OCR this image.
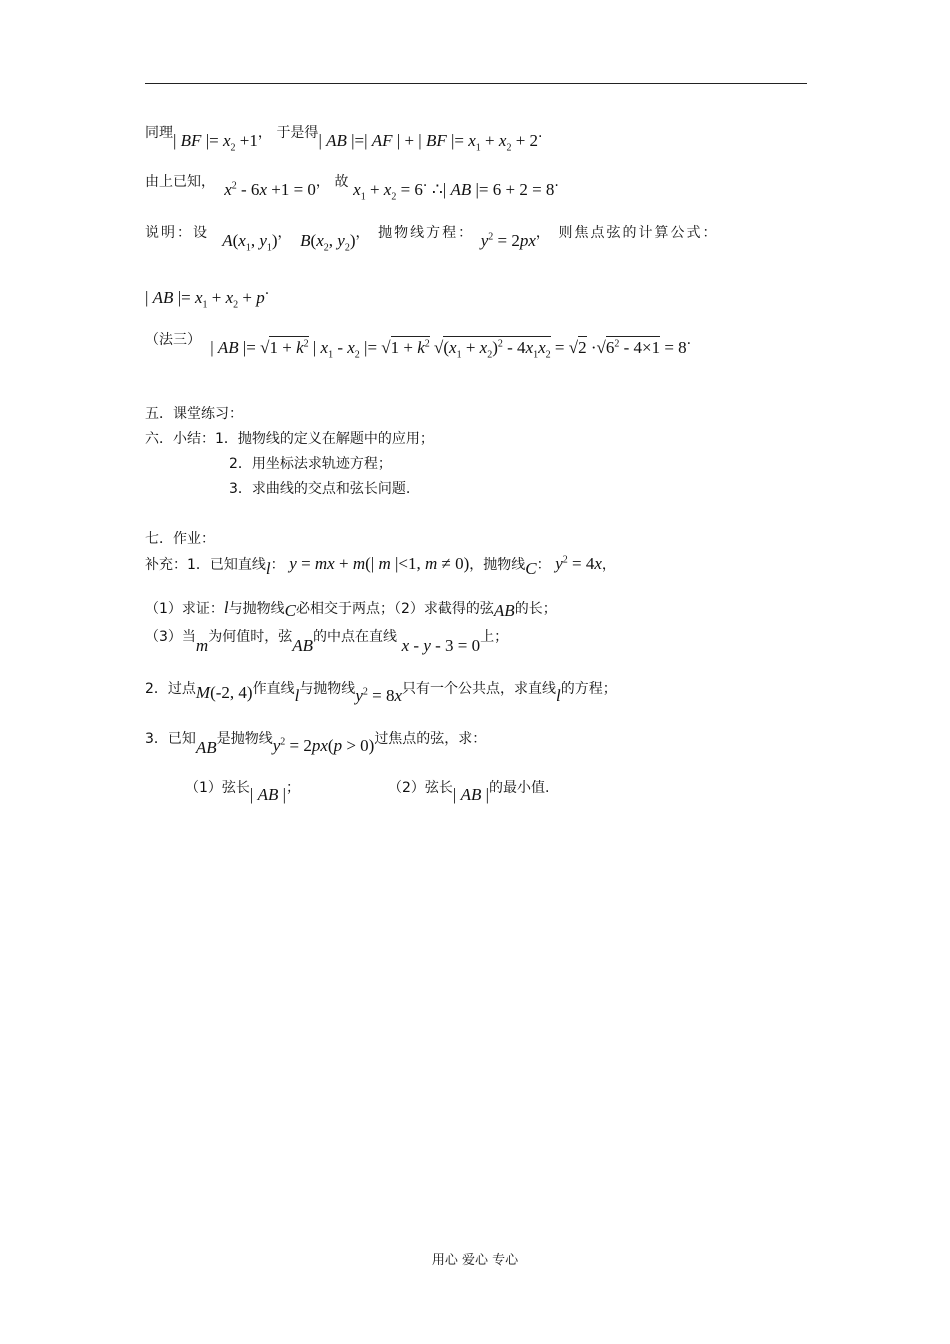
同理| BF |= $x_2 +1$， 于是得| AB |=| AF | + | BF |= $x_1 + x_2 + 2$.
由上已知， $x^2 - 6x +1 = 0$， 故 $x_1 + x_2 = 6$. ∴| AB |= 6 + 2 = 8.
说明：设 $A(x_1$, $y_1$)， $B(x_2$, $y_2$)， 抛物线方程： $y^2 = 2px$， 则焦点弦的计算公式：
| AB |= $x_1 + x_2 + p$.
（法三） | AB |= $√1 + k^2$ | $x_1 - x_2$ |= $√1 + k^2$ $√(x_1 + x_2)^2 - 4x_1x_2 = √2 \cdot√6^2 - 4\times 1 = 8$.
五．课堂练习：
六．小结：1．抛物线的定义在解题中的应用；
2．用坐标法求轨迹方程；
3．求曲线的交点和弦长问题.
七．作业：
补充：1．已知直线l： y = mx + m(| m |<1, m ≠ 0)，抛物线C： $y^2 = 4x$，
（1）求证：l与抛物线C必相交于两点；（2）求截得的弦AB的长；
（3）当m为何值时，弦AB的中点在直线 x - y - 3 = 0上；
2．过点M(-2, 4)作直线l与抛物线$y^2 = 8x$只有一个公共点，求直线l的方程；
3．已知AB是抛物线$y^2 = 2px(p > 0)$过焦点的弦，求：
（1）弦长| AB |；	（2）弦长| AB |的最小值.
用心 爱心 专心
